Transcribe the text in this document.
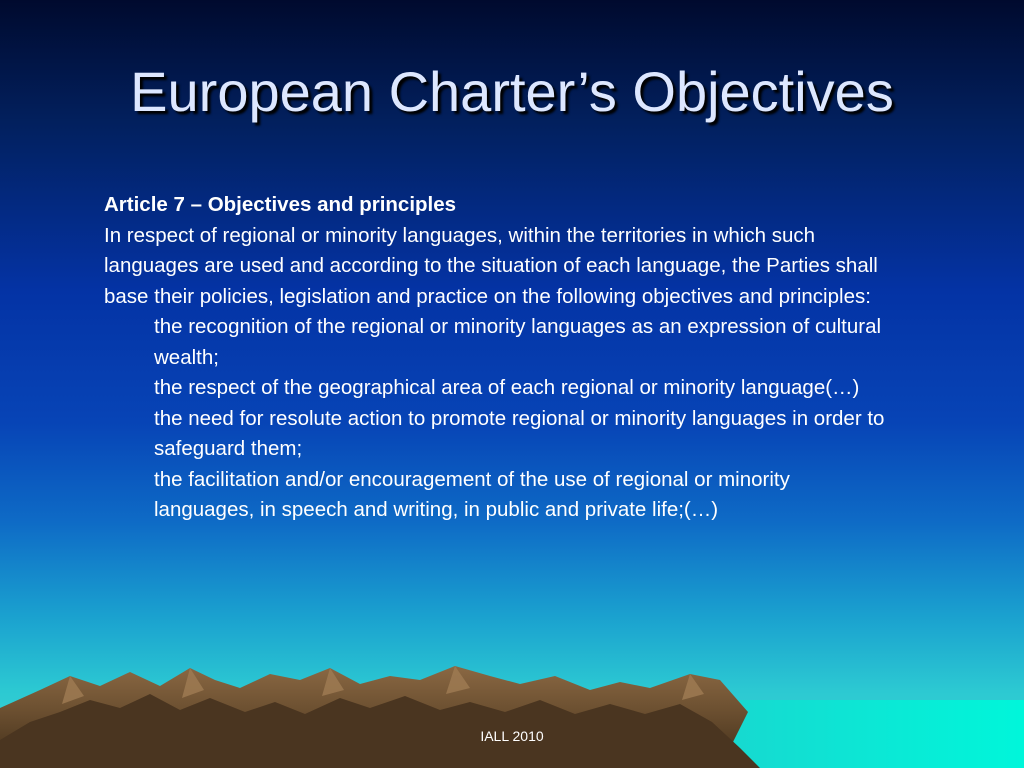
European Charter’s Objectives

Article 7 – Objectives and principles

In respect of regional or minority languages, within the territories in which such languages are used and according to the situation of each language, the Parties shall base their policies, legislation and practice on the following objectives and principles:

the recognition of the regional or minority languages as an expression of cultural wealth;

the respect of the geographical area of each regional or minority language(…)

the need for resolute action to promote regional or minority languages in order to safeguard them;

the facilitation and/or encouragement of the use of regional or minority languages, in speech and writing, in public and private life;(…)

IALL 2010
